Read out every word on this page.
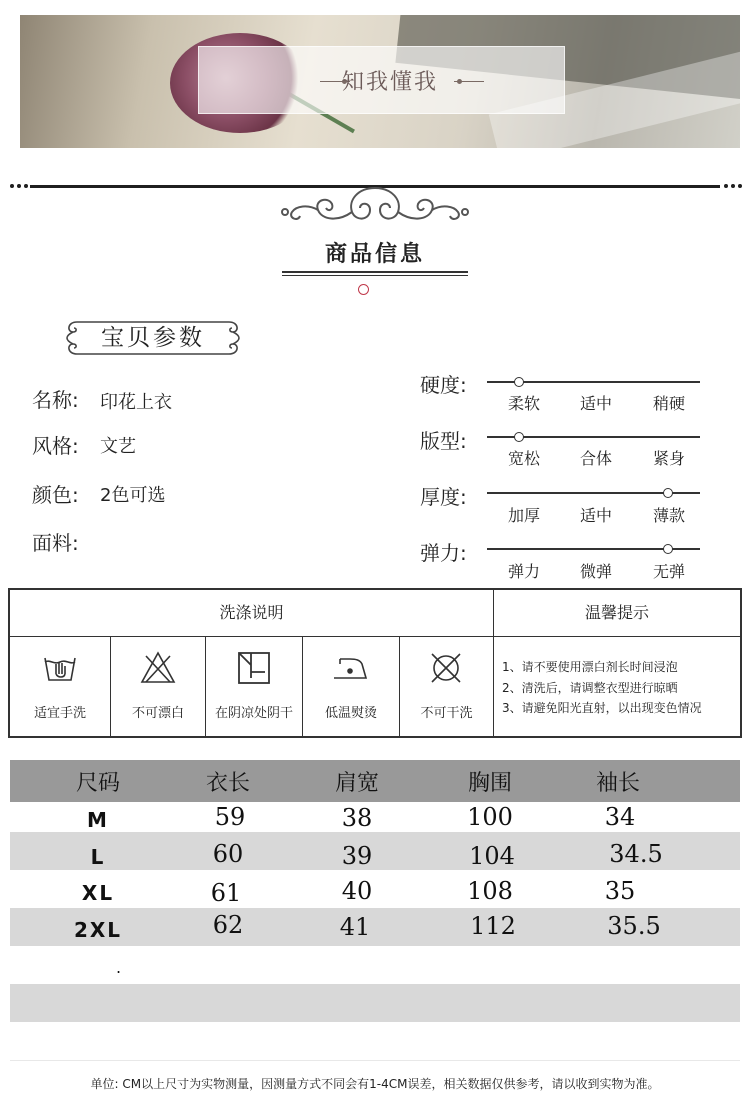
知我懂我
商品信息
宝贝参数
名称: 印花上衣
风格: 文艺
颜色: 2色可选
面料:
硬度:
柔软	适中	稍硬
版型:
宽松	合体	紧身
厚度:
加厚	适中	薄款
弹力:
弹力	微弹	无弹
洗涤说明	温馨提示
适宜手洗	不可漂白	在阴凉处阴干	低温熨烫	不可干洗
1、请不要使用漂白剂长时间浸泡
2、清洗后，请调整衣型进行晾晒
3、请避免阳光直射，以出现变色情况
尺码	衣长	肩宽	胸围	袖长
M	59	38	100	34
L	60	39	104	34.5
XL	61	40	108	35
2XL	62	41	112	35.5
.
单位: CM以上尺寸为实物测量，因测量方式不同会有1-4CM误差，相关数据仅供参考，请以收到实物为准。
